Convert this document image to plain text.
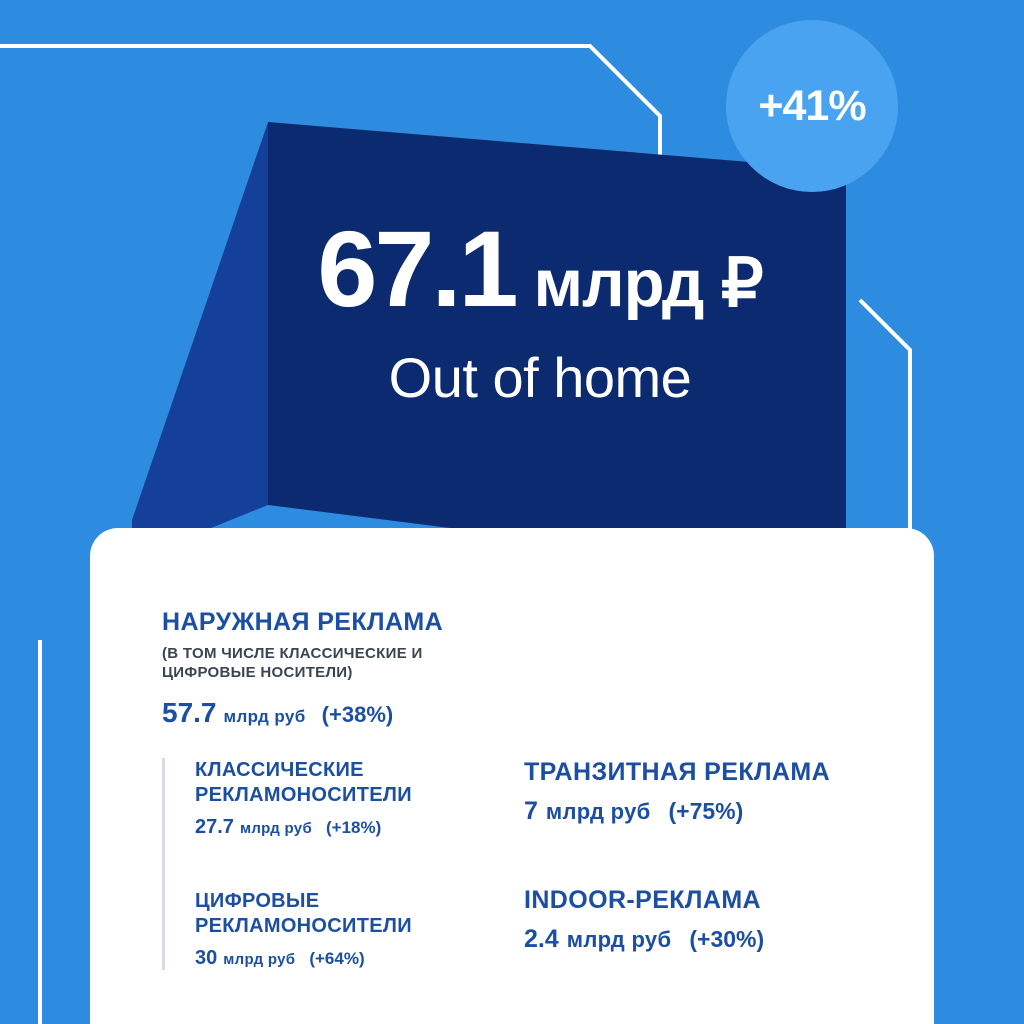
+41%
67.1 млрд ₽
Out of home
НАРУЖНАЯ РЕКЛАМА
(В ТОМ ЧИСЛЕ КЛАССИЧЕСКИЕ И ЦИФРОВЫЕ НОСИТЕЛИ)
57.7 млрд руб (+38%)
КЛАССИЧЕСКИЕ РЕКЛАМОНОСИТЕЛИ
27.7 млрд руб (+18%)
ЦИФРОВЫЕ РЕКЛАМОНОСИТЕЛИ
30 млрд руб (+64%)
ТРАНЗИТНАЯ РЕКЛАМА
7 млрд руб (+75%)
INDOOR-РЕКЛАМА
2.4 млрд руб (+30%)
